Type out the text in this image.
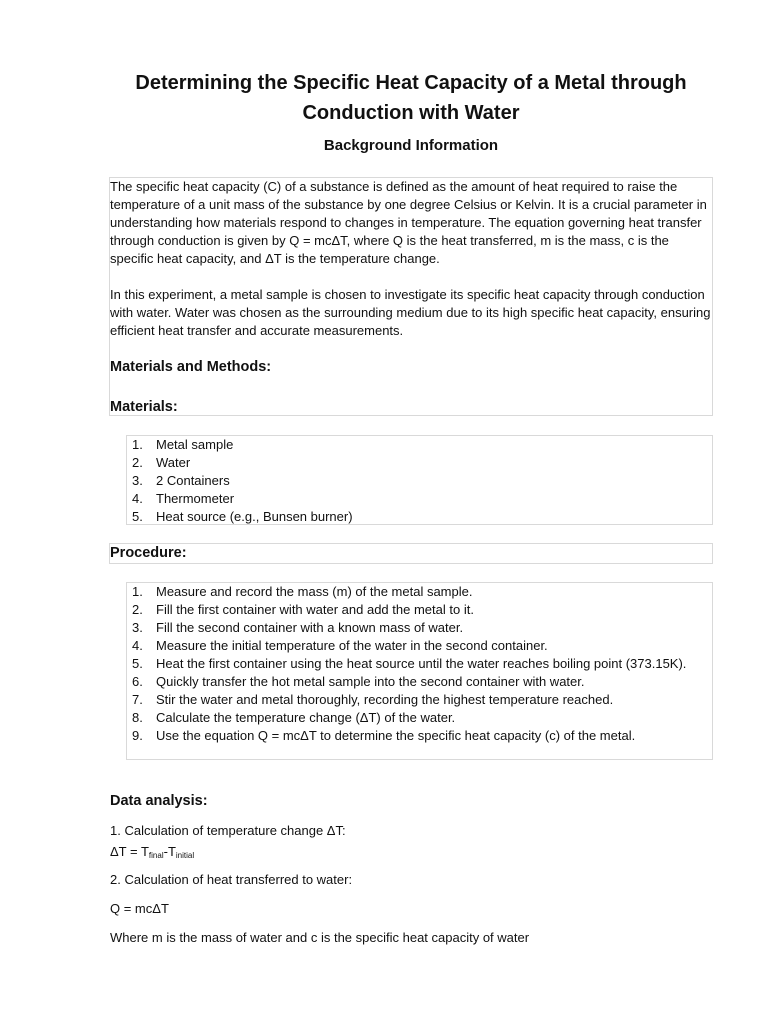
Determining the Specific Heat Capacity of a Metal through Conduction with Water
Background Information

The specific heat capacity (C) of a substance is defined as the amount of heat required to raise the temperature of a unit mass of the substance by one degree Celsius or Kelvin. It is a crucial parameter in understanding how materials respond to changes in temperature. The equation governing heat transfer through conduction is given by Q = mcΔT, where Q is the heat transferred, m is the mass, c is the specific heat capacity, and ΔT is the temperature change.

In this experiment, a metal sample is chosen to investigate its specific heat capacity through conduction with water. Water was chosen as the surrounding medium due to its high specific heat capacity, ensuring efficient heat transfer and accurate measurements.

Materials and Methods:
Materials:
1.	Metal sample
2.	Water
3.	2 Containers
4.	Thermometer
5.	Heat source (e.g., Bunsen burner)
Procedure:
1.	Measure and record the mass (m) of the metal sample.
2.	Fill the first container with water and add the metal to it.
3.	Fill the second container with a known mass of water.
4.	Measure the initial temperature of the water in the second container.
5.	Heat the first container using the heat source until the water reaches boiling point (373.15K).
6.	Quickly transfer the hot metal sample into the second container with water.
7.	Stir the water and metal thoroughly, recording the highest temperature reached.
8.	Calculate the temperature change (ΔT) of the water.
9.	Use the equation Q = mcΔT to determine the specific heat capacity (c) of the metal.
Data analysis:

1. Calculation of temperature change ΔT:

$\Delta T = T_{final}-T_{initial}$

2. Calculation of heat transferred to water:

Q = mcΔT

Where m is the mass of water and c is the specific heat capacity of water
